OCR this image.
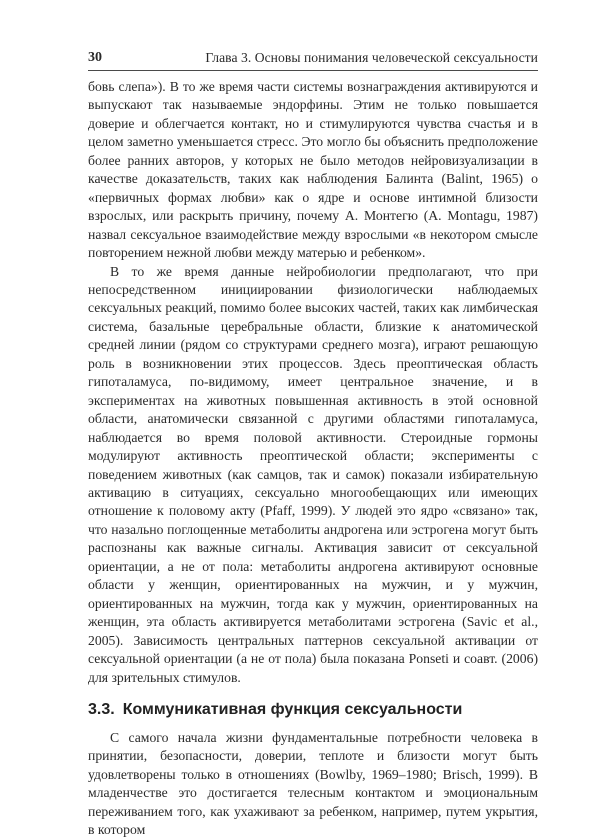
30	Глава 3. Основы понимания человеческой сексуальности

бовь слепа»). В то же время части системы вознаграждения активируются и выпускают так называемые эндорфины. Этим не только повышается доверие и облегчается контакт, но и стимулируются чувства счастья и в целом заметно уменьшается стресс. Это могло бы объяснить предположение более ранних авторов, у которых не было методов нейровизуализации в качестве доказательств, таких как наблюдения Балинта (Balint, 1965) о «первичных формах любви» как о ядре и основе интимной близости взрослых, или раскрыть причину, почему А. Монтегю (A. Montagu, 1987) назвал сексуальное взаимодействие между взрослыми «в некотором смысле повторением нежной любви между матерью и ребенком».

В то же время данные нейробиологии предполагают, что при непосредственном инициировании физиологически наблюдаемых сексуальных реакций, помимо более высоких частей, таких как лимбическая система, базальные церебральные области, близкие к анатомической средней линии (рядом со структурами среднего мозга), играют решающую роль в возникновении этих процессов. Здесь преоптическая область гипоталамуса, по-видимому, имеет центральное значение, и в экспериментах на животных повышенная активность в этой основной области, анатомически связанной с другими областями гипоталамуса, наблюдается во время половой активности. Стероидные гормоны модулируют активность преоптической области; эксперименты с поведением животных (как самцов, так и самок) показали избирательную активацию в ситуациях, сексуально многообещающих или имеющих отношение к половому акту (Pfaff, 1999). У людей это ядро «связано» так, что назально поглощенные метаболиты андрогена или эстрогена могут быть распознаны как важные сигналы. Активация зависит от сексуальной ориентации, а не от пола: метаболиты андрогена активируют основные области у женщин, ориентированных на мужчин, и у мужчин, ориентированных на мужчин, тогда как у мужчин, ориентированных на женщин, эта область активируется метаболитами эстрогена (Savic et al., 2005). Зависимость центральных паттернов сексуальной активации от сексуальной ориентации (а не от пола) была показана Ponseti и соавт. (2006) для зрительных стимулов.

3.3. Коммуникативная функция сексуальности

С самого начала жизни фундаментальные потребности человека в принятии, безопасности, доверии, теплоте и близости могут быть удовлетворены только в отношениях (Bowlby, 1969–1980; Brisch, 1999). В младенчестве это достигается телесным контактом и эмоциональным переживанием того, как ухаживают за ребенком, например, путем укрытия, в котором
